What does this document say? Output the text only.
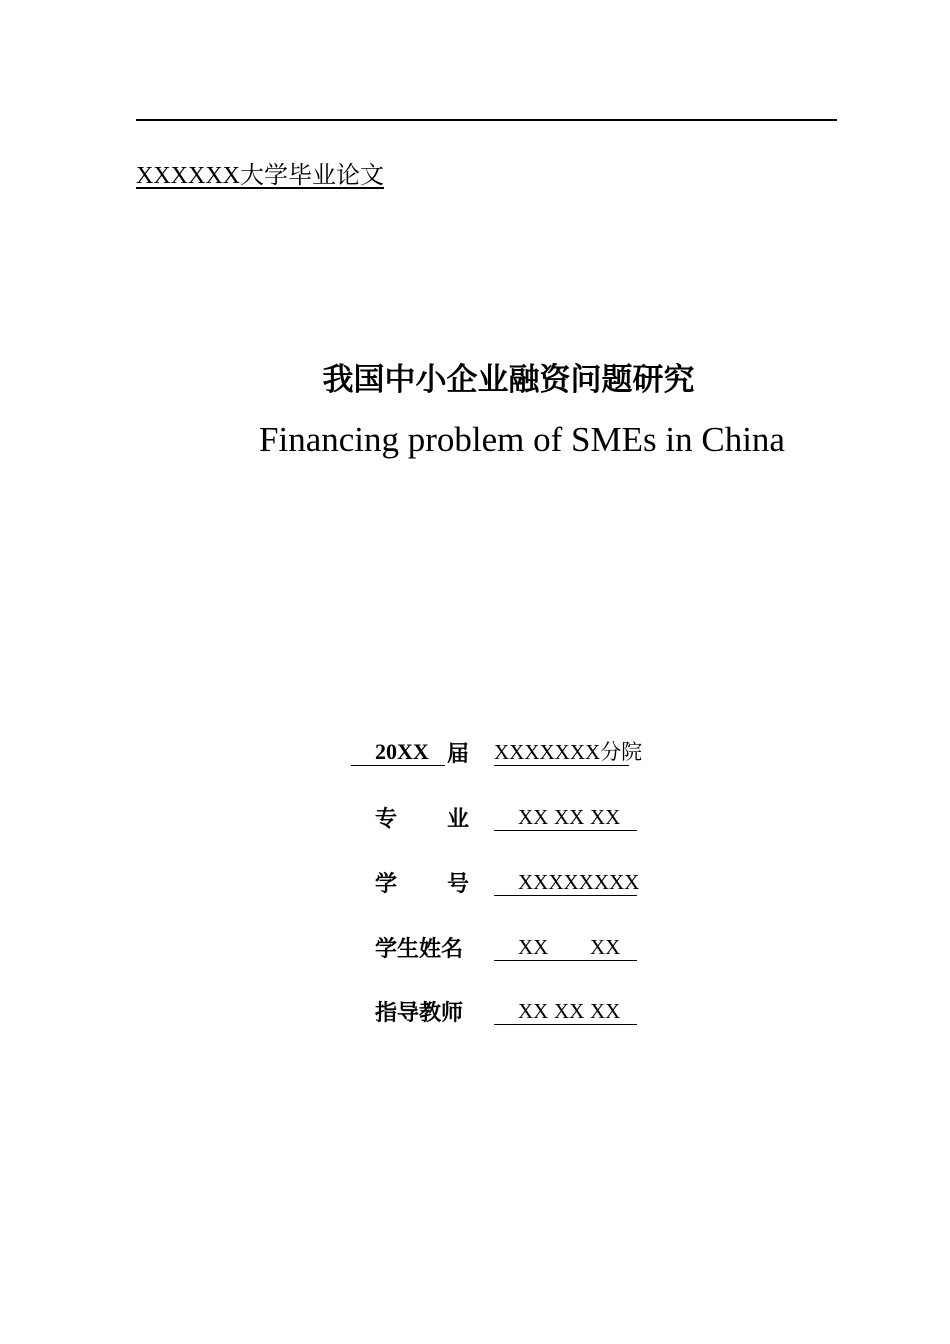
XXXXXX大学毕业论文
我国中小企业融资问题研究
Financing problem of SMEs in China
20XX 届 XXXXXXX分院
专 业 XX XX XX
学 号 XXXXXXXX
学生姓名	XX XX
指导教师	XX XX XX
